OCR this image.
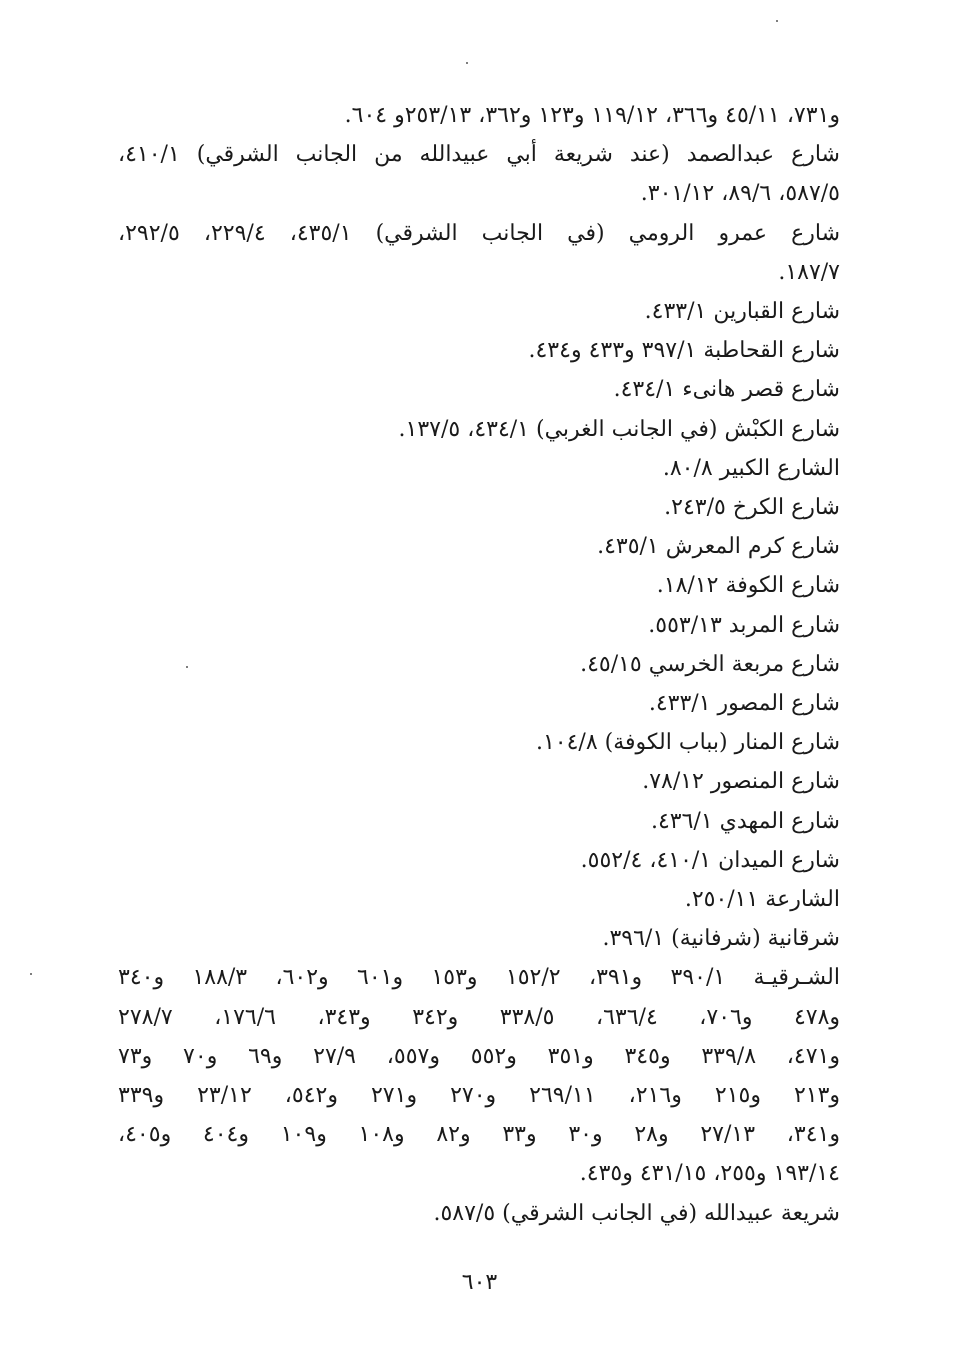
و٧٣١، ٤٥/١١ و٣٦٦، ١١٩/١٢ و١٢٣ و٣٦٢، ٢٥٣/١٣و ٦٠٤.
شارع عبدالصمد (عند شريعة أبي عبيدالله من الجانب الشرقي) ٤١٠/١،
٥٨٧/٥، ٨٩/٦، ٣٠١/١٢.
شارع عمرو الرومي (في الجانب الشرقي) ٤٣٥/١، ٢٢٩/٤، ٢٩٢/٥،
١٨٧/٧.
شارع القبارين ٤٣٣/١.
شارع القحاطبة ٣٩٧/١ و٤٣٣ و٤٣٤.
شارع قصر هانىء ٤٣٤/١.
شارع الكبْش (في الجانب الغربي) ٤٣٤/١، ١٣٧/٥.
الشارع الكبير ٨٠/٨.
شارع الكرخ ٢٤٣/٥.
شارع كرم المعرش ٤٣٥/١.
شارع الكوفة ١٨/١٢.
شارع المربد ٥٥٣/١٣.
شارع مربعة الخرسي ٤٥/١٥.
شارع المصور ٤٣٣/١.
شارع المنار (بباب الكوفة) ١٠٤/٨.
شارع المنصور ٧٨/١٢.
شارع المهدي ٤٣٦/١.
شارع الميدان ٤١٠/١، ٥٥٢/٤.
الشارعة ٢٥٠/١١.
شرقانية (شرفانية) ٣٩٦/١.
الشـرقيـة ٣٩٠/١ و٣٩١، ١٥٢/٢ و١٥٣ و٦٠١ و٦٠٢، ١٨٨/٣ و٣٤٠
و٤٧٨ و٧٠٦، ٦٣٦/٤، ٣٣٨/٥ و٣٤٢ و٣٤٣، ١٧٦/٦، ٢٧٨/٧
و٤٧١، ٣٣٩/٨ و٣٤٥ و٣٥١ و٥٥٢ و٥٥٧، ٢٧/٩ و٦٩ و٧٠ و٧٣
و٢١٣ و٢١٥ و٢١٦، ٢٦٩/١١ و٢٧٠ و٢٧١ و٥٤٢، ٢٣/١٢ و٣٣٩
و٣٤١، ٢٧/١٣ و٢٨ و٣٠ و٣٣ و٨٢ و١٠٨ و١٠٩ و٤٠٤ و٤٠٥،
١٩٣/١٤ و٢٥٥، ٤٣١/١٥ و٤٣٥.
شريعة عبيدالله (في الجانب الشرقي) ٥٨٧/٥.
٦٠٣
